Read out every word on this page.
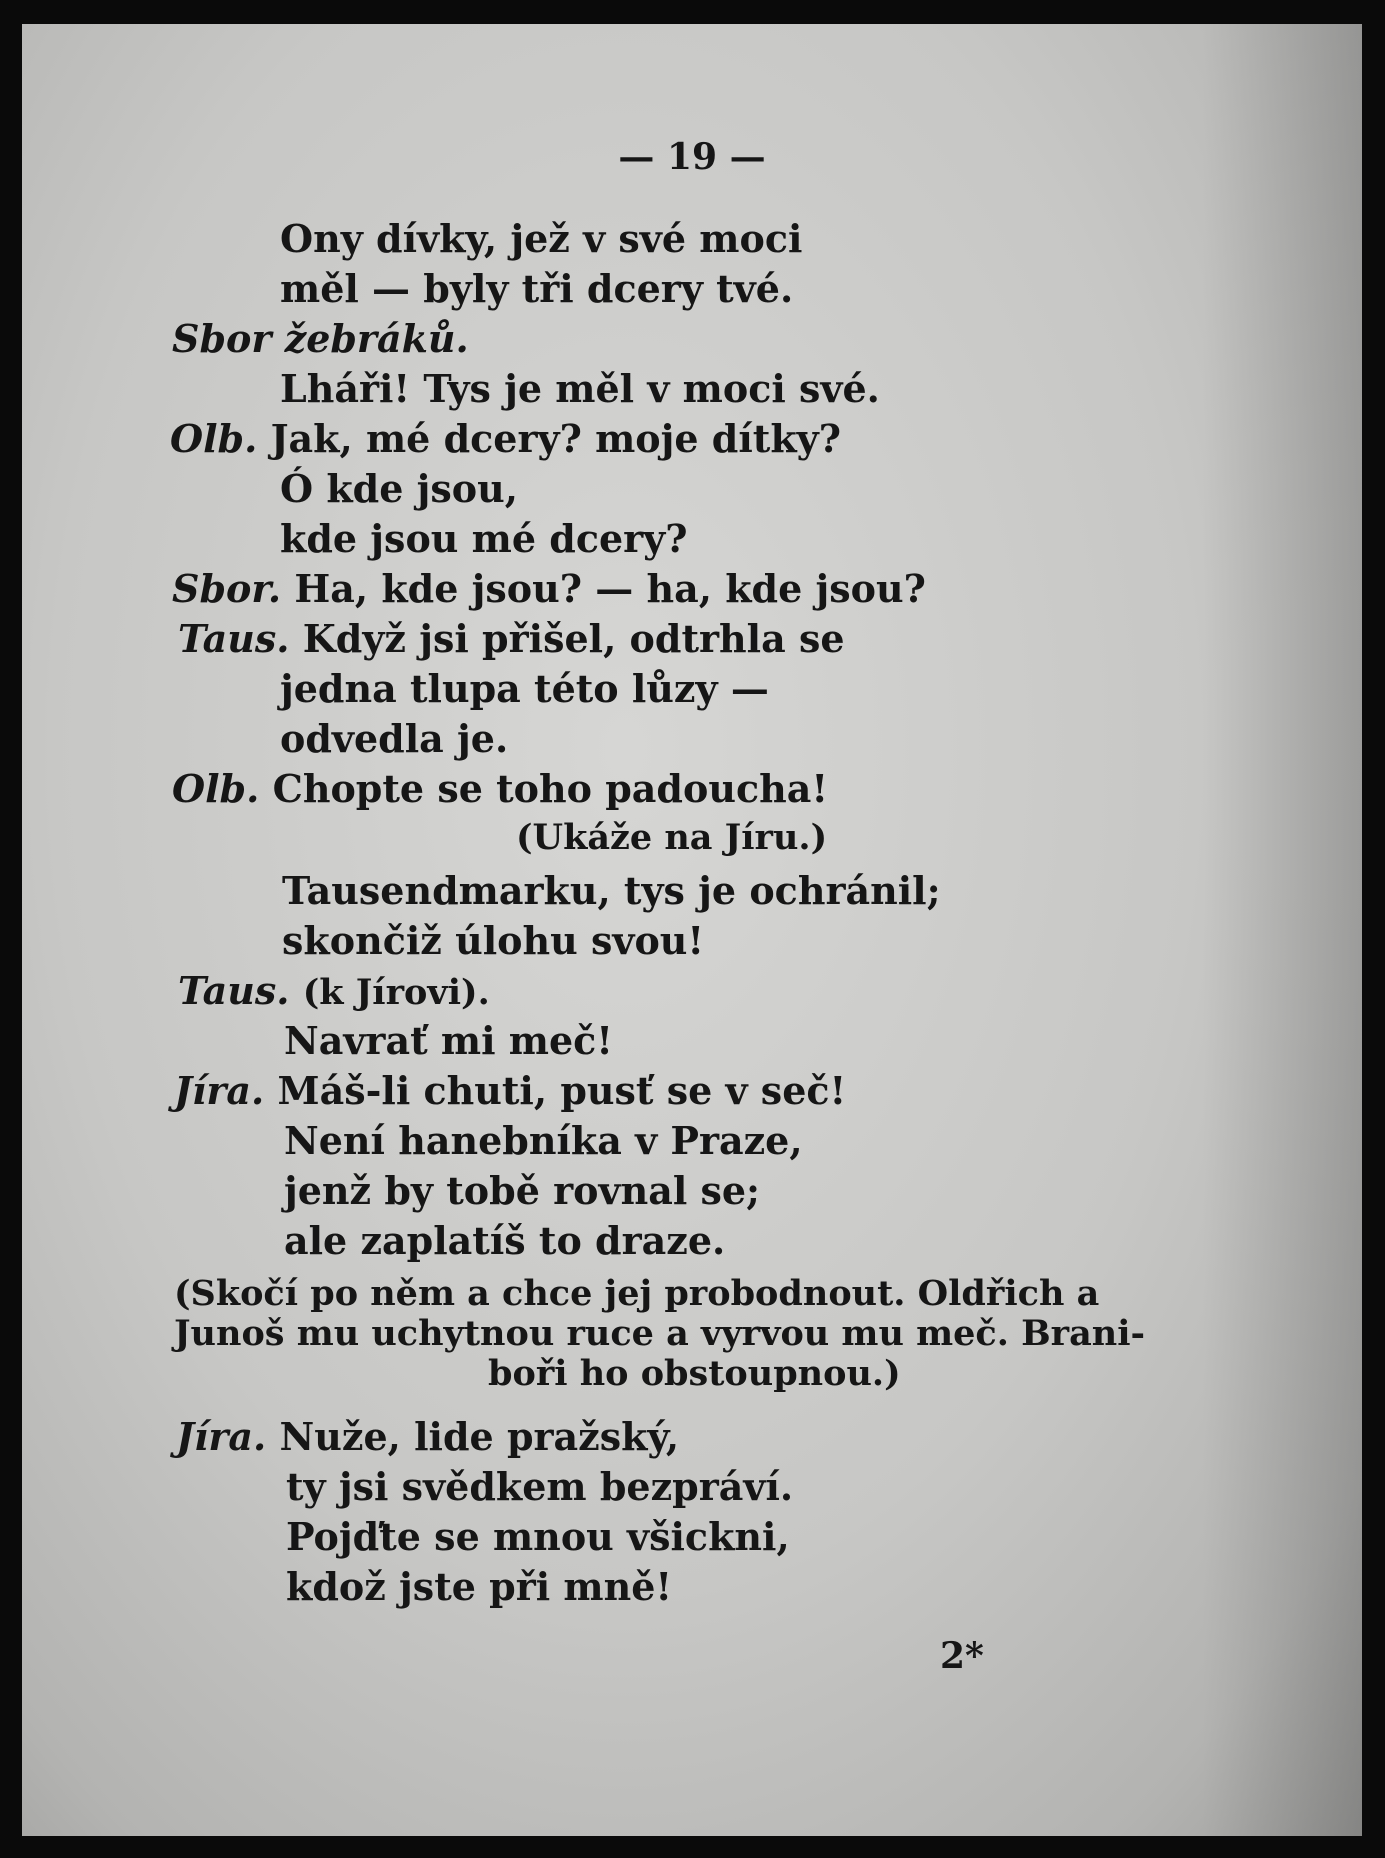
— 19 —
Ony dívky, jež v své moci
měl — byly tři dcery tvé.
Sbor žebráků.
Lháři! Tys je měl v moci své.
Olb. Jak, mé dcery? moje dítky?
Ó kde jsou,
kde jsou mé dcery?
Sbor. Ha, kde jsou? — ha, kde jsou?
Taus. Když jsi přišel, odtrhla se
jedna tlupa této lůzy —
odvedla je.
Olb. Chopte se toho padoucha!
(Ukáže na Jíru.)
Tausendmarku, tys je ochránil;
skončiž úlohu svou!
Taus. (k Jírovi).
Navrať mi meč!
Jíra. Máš-li chuti, pusť se v seč!
Není hanebníka v Praze,
jenž by tobě rovnal se;
ale zaplatíš to draze.
(Skočí po něm a chce jej probodnout. Oldřich a
Junoš mu uchytnou ruce a vyrvou mu meč. Brani-
boři ho obstoupnou.)
Jíra. Nuže, lide pražský,
ty jsi svědkem bezpráví.
Pojďte se mnou všickni,
kdož jste při mně!
2*
